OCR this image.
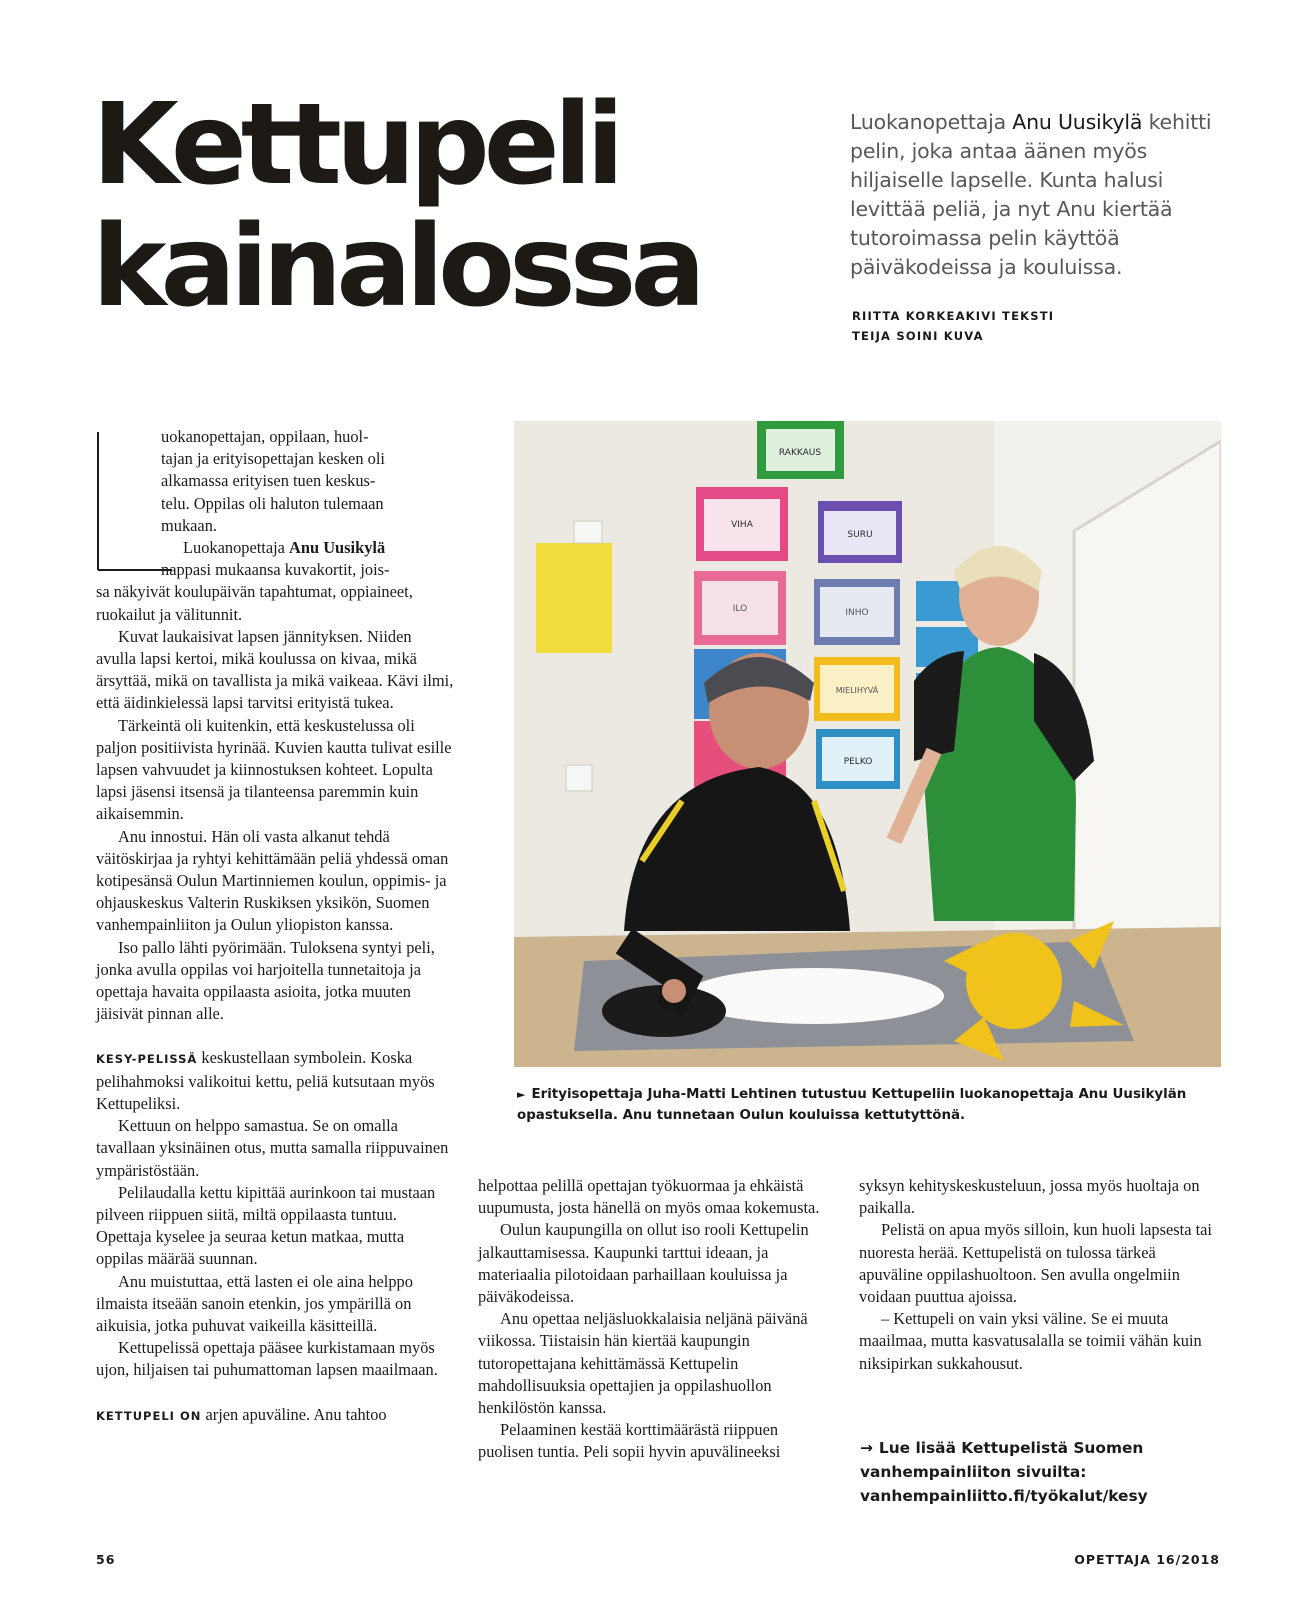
Kettupeli
kainalossa

Luokanopettaja Anu Uusikylä kehitti pelin, joka antaa äänen myös hiljaiselle lapselle. Kunta halusi levittää peliä, ja nyt Anu kiertää tutoroimassa pelin käyttöä päiväkodeissa ja kouluissa.

RIITTA KORKEAKIVI TEKSTI
TEIJA SOINI KUVA

uokanopettajan, oppilaan, huol-

tajan ja erityisopettajan kesken oli

alkamassa erityisen tuen keskus-

telu. Oppilas oli haluton tulemaan

mukaan.

Luokanopettaja Anu Uusikylä

nappasi mukaansa kuvakortit, jois-

sa näkyivät koulupäivän tapahtumat, oppiaineet, ruokailut ja välitunnit.

Kuvat laukaisivat lapsen jännityksen. Niiden avulla lapsi kertoi, mikä koulussa on kivaa, mikä ärsyttää, mikä on tavallista ja mikä vaikeaa. Kävi ilmi, että äidinkielessä lapsi tarvitsi erityistä tukea.

Tärkeintä oli kuitenkin, että keskustelussa oli paljon positiivista hyrinää. Kuvien kautta tulivat esille lapsen vahvuudet ja kiinnostuksen kohteet. Lopulta lapsi jäsensi itsensä ja tilanteensa paremmin kuin aikaisemmin.

Anu innostui. Hän oli vasta alkanut tehdä väitöskirjaa ja ryhtyi kehittämään peliä yhdessä oman kotipesänsä Oulun Martinniemen koulun, oppimis- ja ohjauskeskus Valterin Ruskiksen yksikön, Suomen vanhempainliiton ja Oulun yliopiston kanssa.

Iso pallo lähti pyörimään. Tuloksena syntyi peli, jonka avulla oppilas voi harjoitella tunnetaitoja ja opettaja havaita oppilaasta asioita, jotka muuten jäisivät pinnan alle.

KESY-PELISSÄ keskustellaan symbolein. Koska pelihahmoksi valikoitui kettu, peliä kutsutaan myös Kettupeliksi.

Kettuun on helppo samastua. Se on omalla tavallaan yksinäinen otus, mutta samalla riippuvainen ympäristöstään.

Pelilaudalla kettu kipittää aurinkoon tai mustaan pilveen riippuen siitä, miltä oppilaasta tuntuu. Opettaja kyselee ja seuraa ketun matkaa, mutta oppilas määrää suunnan.

Anu muistuttaa, että lasten ei ole aina helppo ilmaista itseään sanoin etenkin, jos ympärillä on aikuisia, jotka puhuvat vaikeilla käsitteillä.

Kettupelissä opettaja pääsee kurkistamaan myös ujon, hiljaisen tai puhumattoman lapsen maailmaan.

KETTUPELI ON arjen apuväline. Anu tahtoo

RAKKAUS
VIHA
SURU
ILO	INHO
MIELIHYVÄ
PELKO
► Erityisopettaja Juha-Matti Lehtinen tutustuu Kettupeliin luokanopettaja Anu Uusikylän opastuksella. Anu tunnetaan Oulun kouluissa kettutyttönä.

helpottaa pelillä opettajan työkuormaa ja ehkäistä uupumusta, josta hänellä on myös omaa kokemusta.

Oulun kaupungilla on ollut iso rooli Kettupelin jalkauttamisessa. Kaupunki tarttui ideaan, ja materiaalia pilotoidaan parhaillaan kouluissa ja päiväkodeissa.

Anu opettaa neljäsluokkalaisia neljänä päivänä viikossa. Tiistaisin hän kiertää kaupungin tutoropettajana kehittämässä Kettupelin mahdollisuuksia opettajien ja oppilashuollon henkilöstön kanssa.

Pelaaminen kestää korttimäärästä riippuen puolisen tuntia. Peli sopii hyvin apuvälineeksi

syksyn kehityskeskusteluun, jossa myös huoltaja on paikalla.

Pelistä on apua myös silloin, kun huoli lapsesta tai nuoresta herää. Kettupelistä on tulossa tärkeä apuväline oppilashuoltoon. Sen avulla ongelmiin voidaan puuttua ajoissa.

– Kettupeli on vain yksi väline. Se ei muuta maailmaa, mutta kasvatusalalla se toimii vähän kuin niksipirkan sukkahousut.

→ Lue lisää Kettupelistä Suomen vanhempainliiton sivuilta: vanhempainliitto.fi/työkalut/kesy
56	OPETTAJA 16/2018
